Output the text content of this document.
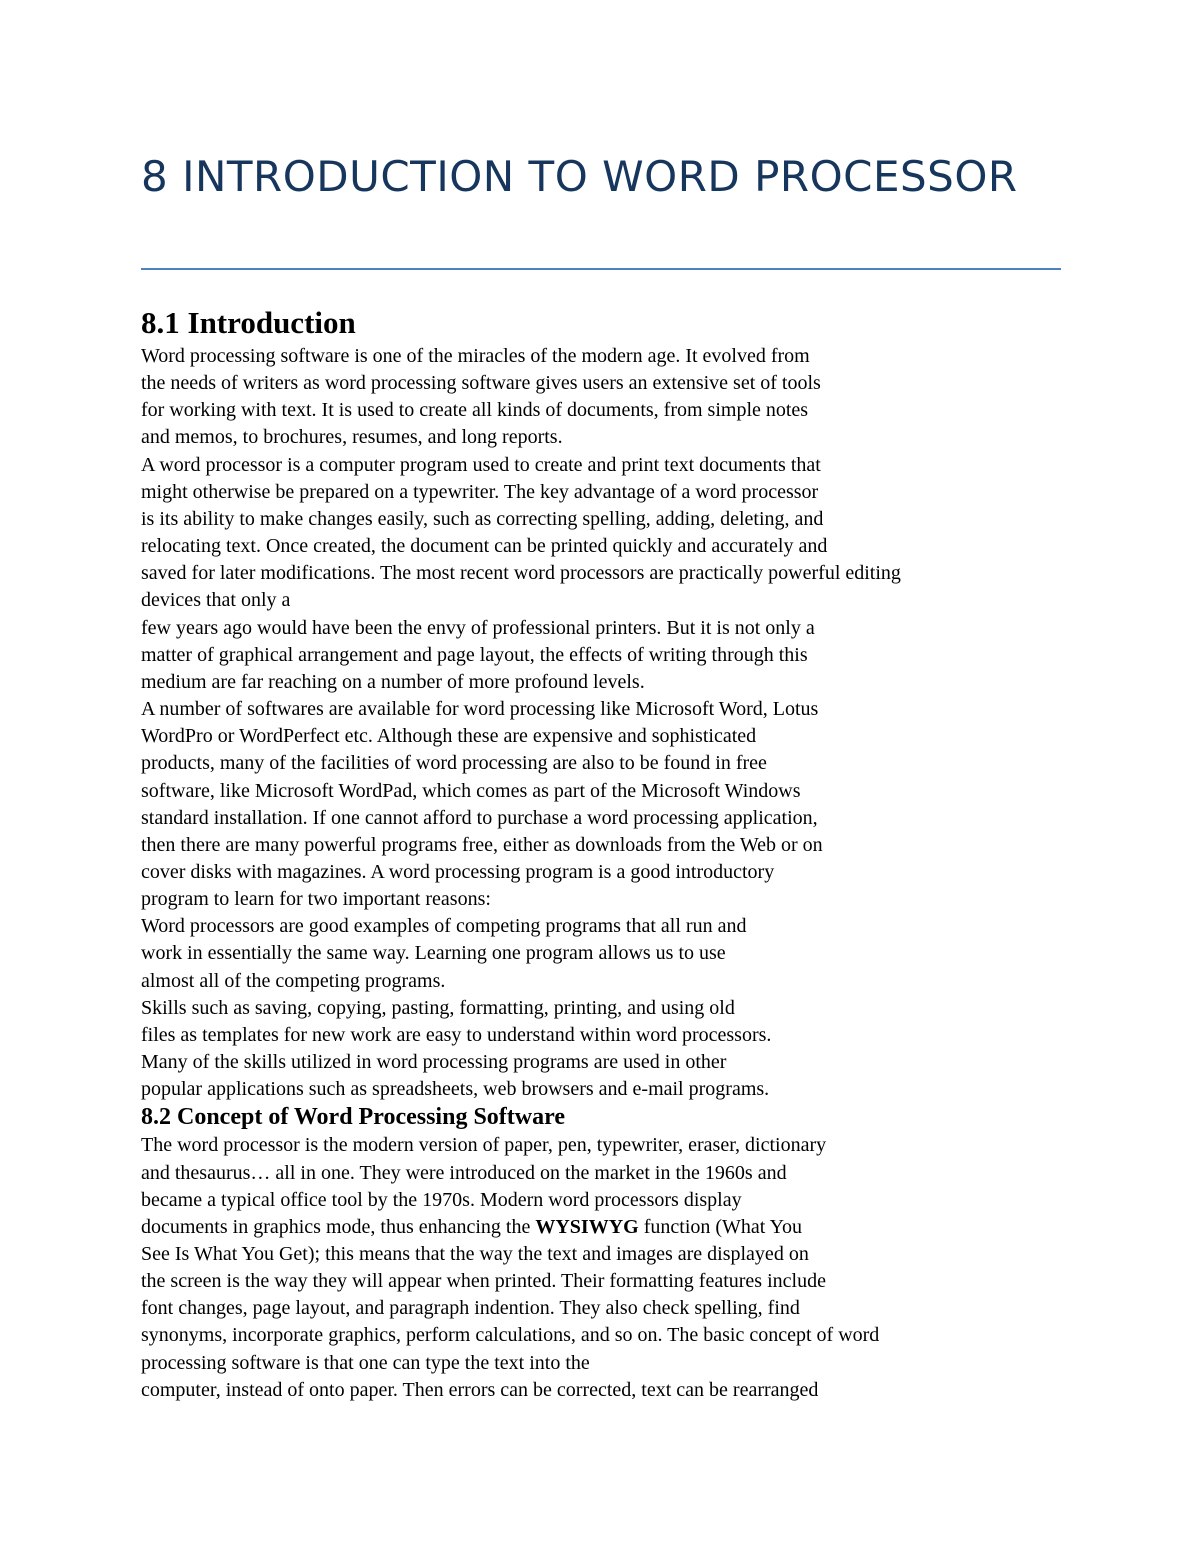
8 INTRODUCTION TO WORD PROCESSOR
8.1 Introduction
Word processing software is one of the miracles of the modern age. It evolved from
the needs of writers as word processing software gives users an extensive set of tools
for working with text. It is used to create all kinds of documents, from simple notes
and memos, to brochures, resumes, and long reports.
A word processor is a computer program used to create and print text documents that
might otherwise be prepared on a typewriter. The key advantage of a word processor
is its ability to make changes easily, such as correcting spelling, adding, deleting, and
relocating text. Once created, the document can be printed quickly and accurately and
saved for later modifications. The most recent word processors are practically powerful editing
devices that only a
few years ago would have been the envy of professional printers. But it is not only a
matter of graphical arrangement and page layout, the effects of writing through this
medium are far reaching on a number of more profound levels.
A number of softwares are available for word processing like Microsoft Word, Lotus
WordPro or WordPerfect etc. Although these are expensive and sophisticated
products, many of the facilities of word processing are also to be found in free
software, like Microsoft WordPad, which comes as part of the Microsoft Windows
standard installation. If one cannot afford to purchase a word processing application,
then there are many powerful programs free, either as downloads from the Web or on
cover disks with magazines. A word processing program is a good introductory
program to learn for two important reasons:
Word processors are good examples of competing programs that all run and
work in essentially the same way. Learning one program allows us to use
almost all of the competing programs.
Skills such as saving, copying, pasting, formatting, printing, and using old
files as templates for new work are easy to understand within word processors.
Many of the skills utilized in word processing programs are used in other
popular applications such as spreadsheets, web browsers and e-mail programs.
8.2 Concept of Word Processing Software
The word processor is the modern version of paper, pen, typewriter, eraser, dictionary
and thesaurus… all in one. They were introduced on the market in the 1960s and
became a typical office tool by the 1970s. Modern word processors display
documents in graphics mode, thus enhancing the WYSIWYG function (What You
See Is What You Get); this means that the way the text and images are displayed on
the screen is the way they will appear when printed. Their formatting features include
font changes, page layout, and paragraph indention. They also check spelling, find
synonyms, incorporate graphics, perform calculations, and so on. The basic concept of word
processing software is that one can type the text into the
computer, instead of onto paper. Then errors can be corrected, text can be rearranged
